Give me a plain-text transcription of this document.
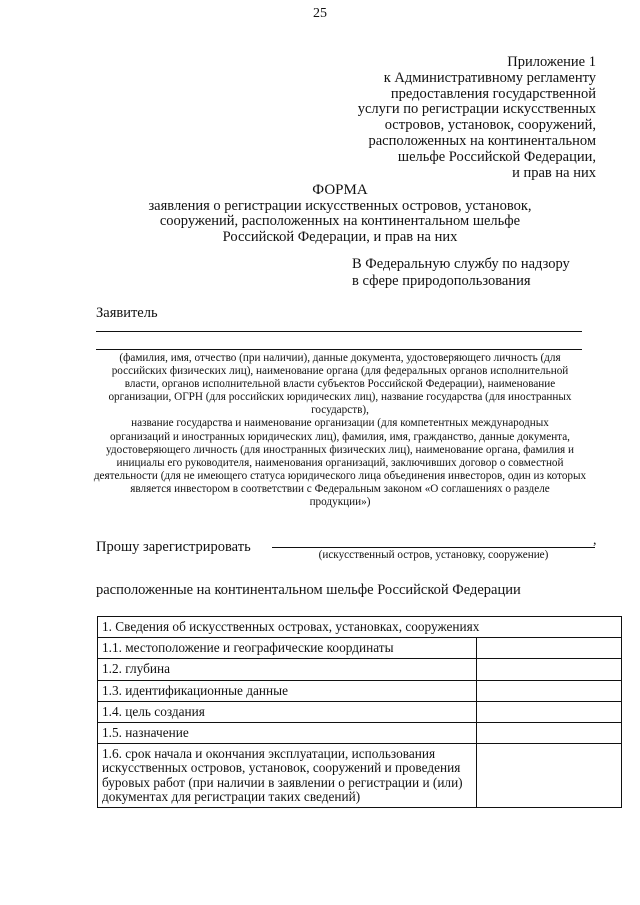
25
Приложение 1
к Административному регламенту
предоставления государственной
услуги по регистрации искусственных
островов, установок, сооружений,
расположенных на континентальном
шельфе Российской Федерации,
и прав на них
ФОРМА
заявления о регистрации искусственных островов, установок,
сооружений, расположенных на континентальном шельфе
Российской Федерации, и прав на них
В Федеральную службу по надзору
в сфере природопользования
Заявитель
(фамилия, имя, отчество (при наличии), данные документа, удостоверяющего личность (для
российских физических лиц), наименование органа (для федеральных органов исполнительной
власти, органов исполнительной власти субъектов Российской Федерации), наименование
организации, ОГРН (для российских юридических лиц), название государства (для иностранных
государств),
название государства и наименование организации (для компетентных международных
организаций и иностранных юридических лиц), фамилия, имя, гражданство, данные документа,
удостоверяющего личность (для иностранных физических лиц), наименование органа, фамилия и
инициалы его руководителя, наименования организаций, заключивших договор о совместной
деятельности (для не имеющего статуса юридического лица объединения инвесторов, один из которых
является инвестором в соответствии с Федеральным законом «О соглашениях о разделе
продукции»)
Прошу зарегистрировать	,
(искусственный остров, установку, сооружение)
расположенные на континентальном шельфе Российской Федерации
1. Сведения об искусственных островах, установках, сооружениях	
1.1. местоположение и географические координаты	
1.2. глубина	
1.3. идентификационные данные	
1.4. цель создания	
1.5. назначение	
1.6. срок начала и окончания эксплуатации, использования искусственных островов, установок, сооружений и проведения буровых работ (при наличии в заявлении о регистрации и (или) документах для регистрации таких сведений)	
